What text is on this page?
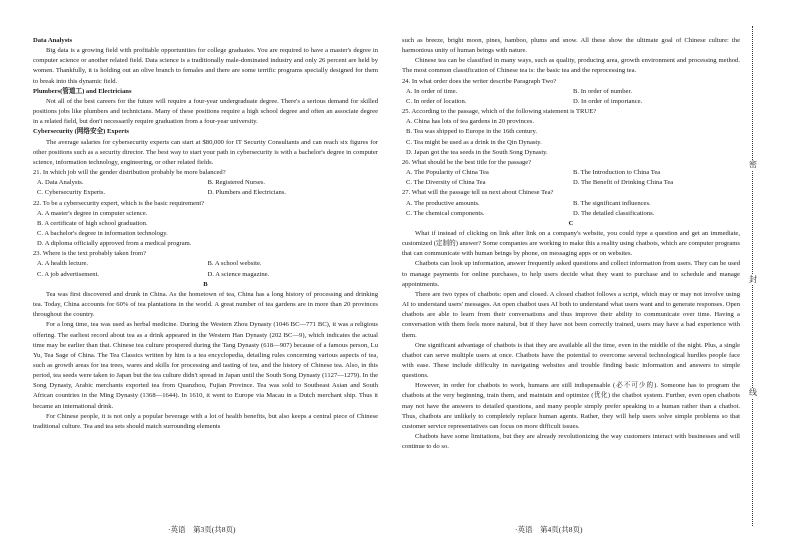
Data Analysts
Big data is a growing field with profitable opportunities for college graduates. You are required to have a master's degree in computer science or another related field. Data science is a traditionally male-dominated industry and only 26 percent are held by women. Thankfully, it is holding out an olive branch to females and there are some terrific programs specially designed for them to break into this dynamic field.
Plumbers(管道工) and Electricians
Not all of the best careers for the future will require a four-year undergraduate degree. There's a serious demand for skilled positions jobs like plumbers and technicians. Many of these positions require a high school degree and often an associate degree in a related field, but don't necessarily require graduation from a four-year university.
Cybersecurity (网络安全) Experts
The average salaries for cybersecurity experts can start at $80,000 for IT Security Consultants and can reach six figures for other positions such as a security director. The best way to start your path in cybersecurity is with a bachelor's degree in computer science, information technology, engineering, or other related fields.
21. In which job will the gender distribution probably be more balanced?
A. Data Analysts.	B. Registered Nurses.
C. Cybersecurity Experts.	D. Plumbers and Electricians.
22. To be a cybersecurity expert, which is the basic requirement?
A. A master's degree in computer science.
B. A certificate of high school graduation.
C. A bachelor's degree in information technology.
D. A diploma officially approved from a medical program.
23. Where is the text probably taken from?
A. A health lecture.	B. A school website.
C. A job advertisement.	D. A science magazine.
B
Tea was first discovered and drunk in China. As the hometown of tea, China has a long history of processing and drinking tea. Today, China accounts for 60% of tea plantations in the world. A great number of tea gardens are in more than 20 provinces throughout the country.
For a long time, tea was used as herbal medicine. During the Western Zhou Dynasty (1046 BC—771 BC), it was a religious offering. The earliest record about tea as a drink appeared in the Western Han Dynasty (202 BC—9), which indicates the actual time may be earlier than that. Chinese tea culture prospered during the Tang Dynasty (618—907) because of a famous person, Lu Yu, Tea Sage of China. The Tea Classics written by him is a tea encyclopedia, detailing rules concerning various aspects of tea, such as growth areas for tea trees, wares and skills for processing and tasting of tea, and the history of Chinese tea. Also, in this period, tea seeds were taken to Japan but the tea culture didn't spread in Japan until the South Song Dynasty (1127—1279). In the Song Dynasty, Arabic merchants exported tea from Quanzhou, Fujian Province. Tea was sold to Southeast Asian and South African countries in the Ming Dynasty (1368—1644). In 1610, it went to Europe via Macau in a Dutch merchant ship. Thus it became an international drink.
For Chinese people, it is not only a popular beverage with a lot of health benefits, but also keeps a central piece of Chinese traditional culture. Tea and tea sets should match surrounding elements
such as breeze, bright moon, pines, bamboo, plums and snow. All these show the ultimate goal of Chinese culture: the harmonious unity of human beings with nature.
Chinese tea can be classified in many ways, such as quality, producing area, growth environment and processing method. The most common classification of Chinese tea is: the basic tea and the reprocessing tea.
24. In what order does the writer describe Paragraph Two?
A. In order of time.	B. In order of number.
C. In order of location.	D. In order of importance.
25. According to the passage, which of the following statement is TRUE?
A. China has lots of tea gardens in 20 provinces.
B. Tea was shipped to Europe in the 16th century.
C. Tea might be used as a drink in the Qin Dynasty.
D. Japan got the tea seeds in the South Song Dynasty.
26. What should be the best title for the passage?
A. The Popularity of China Tea	B. The Introduction to China Tea
C. The Diversity of China Tea	D. The Benefit of Drinking China Tea
27. What will the passage tell us next about Chinese Tea?
A. The productive amounts.	B. The significant influences.
C. The chemical components.	D. The detailed classifications.
C
What if instead of clicking on link after link on a company's website, you could type a question and get an immediate, customized (定制的) answer? Some companies are working to make this a reality using chatbots, which are computer programs that can communicate with human beings by phone, on messaging apps or on websites.
Chatbots can look up information, answer frequently asked questions and collect information from users. They can be used to manage payments for online purchases, to help users decide what they want to purchase and to schedule and manage appointments.
There are two types of chatbots: open and closed. A closed chatbot follows a script, which may or may not involve using AI to understand users' messages. An open chatbot uses AI both to understand what users want and to generate responses. Open chatbots are able to learn from their conversations and thus improve their ability to communicate over time. Having a conversation with them feels more natural, but if they have not been correctly trained, users may have a bad experience with them.
One significant advantage of chatbots is that they are available all the time, even in the middle of the night. Plus, a single chatbot can serve multiple users at once. Chatbots have the potential to overcome several technological hurdles people face with ease. These include difficulty in navigating websites and trouble finding basic information and answers to simple questions.
However, in order for chatbots to work, humans are still indispensable (必不可少的). Someone has to program the chatbots at the very beginning, train them, and maintain and optimize (优化) the chatbot system. Further, even open chatbots may not have the answers to detailed questions, and many people simply prefer speaking to a human rather than a chatbot. Thus, chatbots are unlikely to completely replace human agents. Rather, they will help users solve simple problems so that customer service representatives can focus on more difficult issues.
Chatbots have some limitations, but they are already revolutionizing the way customers interact with businesses and will continue to do so.
·英语　第3页(共8页)	·英语　第4页(共8页)
密
封
线
